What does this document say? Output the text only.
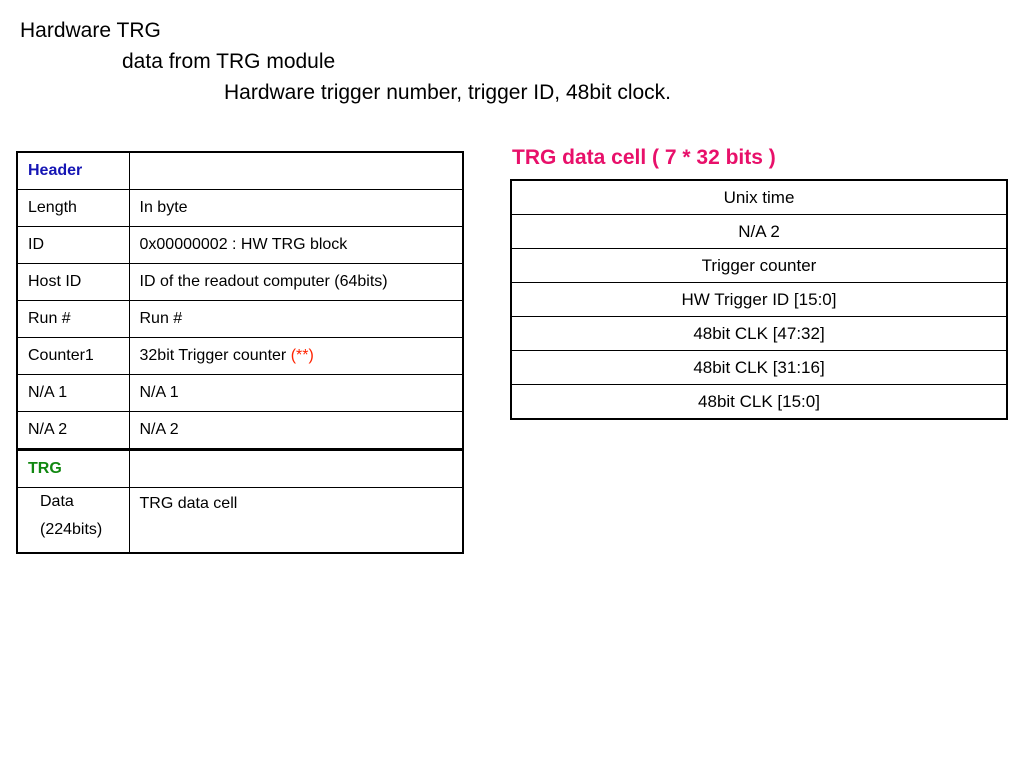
Hardware TRG
data from TRG module
Hardware trigger number, trigger ID, 48bit clock.
Header	
Length	In byte
ID	0x00000002 : HW TRG block
Host ID	ID of the readout computer (64bits)
Run #	Run #
Counter1	32bit Trigger counter (**)
N/A 1	N/A 1
N/A 2	N/A 2
TRG	
Data
(224bits)	TRG data cell
TRG data cell ( 7 * 32 bits )
Unix time
N/A 2
Trigger counter
HW Trigger ID [15:0]
48bit CLK [47:32]
48bit CLK [31:16]
48bit CLK [15:0]
